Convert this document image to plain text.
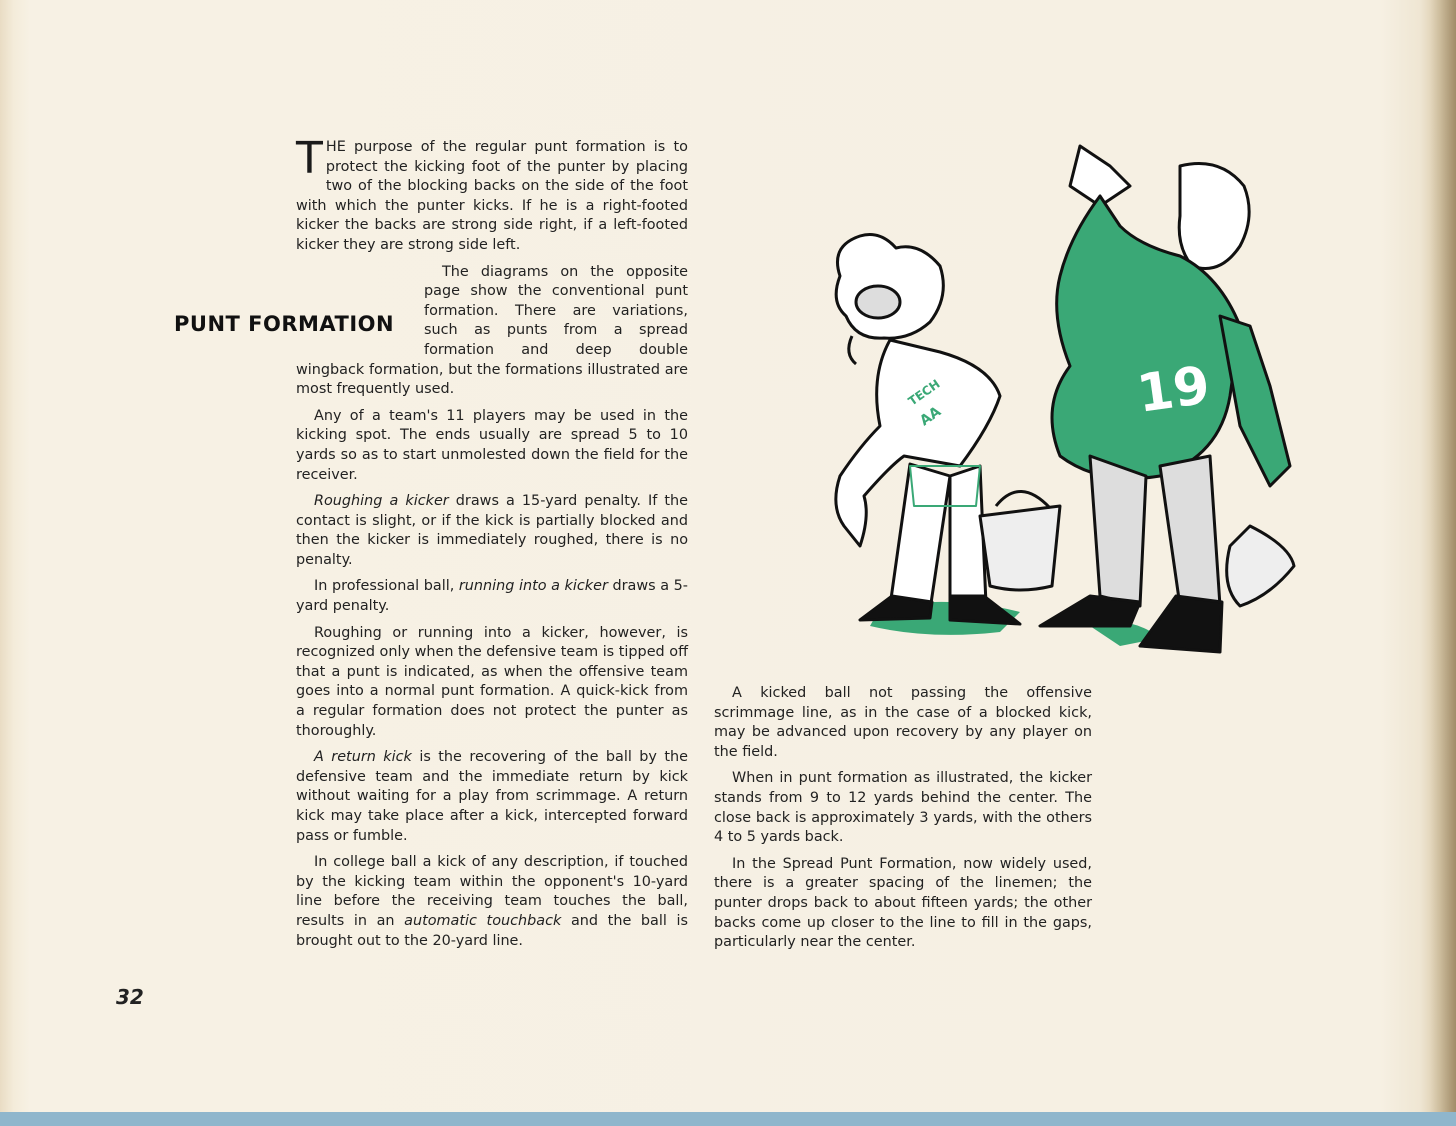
PUNT FORMATION

THE purpose of the regular punt formation is to protect the kicking foot of the punter by placing two of the blocking backs on the side of the foot with which the punter kicks. If he is a right-footed kicker the backs are strong side right, if a left-footed kicker they are strong side left.

The diagrams on the opposite page show the conventional punt formation. There are variations, such as punts from a spread formation and deep double wingback formation, but the formations illustrated are most frequently used.

Any of a team's 11 players may be used in the kicking spot. The ends usually are spread 5 to 10 yards so as to start unmolested down the field for the receiver.

Roughing a kicker draws a 15-yard penalty. If the contact is slight, or if the kick is partially blocked and then the kicker is immediately roughed, there is no penalty.

In professional ball, running into a kicker draws a 5-yard penalty.

Roughing or running into a kicker, however, is recognized only when the defensive team is tipped off that a punt is indicated, as when the offensive team goes into a normal punt formation. A quick-kick from a regular formation does not protect the punter as thoroughly.

A return kick is the recovering of the ball by the defensive team and the immediate return by kick without waiting for a play from scrimmage. A return kick may take place after a kick, intercepted forward pass or fumble.

In college ball a kick of any description, if touched by the kicking team within the opponent's 10-yard line before the receiving team touches the ball, results in an automatic touchback and the ball is brought out to the 20-yard line.

A kicked ball not passing the offensive scrimmage line, as in the case of a blocked kick, may be advanced upon recovery by any player on the field.

When in punt formation as illustrated, the kicker stands from 9 to 12 yards behind the center. The close back is approximately 3 yards, with the others 4 to 5 yards back.

In the Spread Punt Formation, now widely used, there is a greater spacing of the linemen; the punter drops back to about fifteen yards; the other backs come up closer to the line to fill in the gaps, particularly near the center.

TECH
AA	19
32
